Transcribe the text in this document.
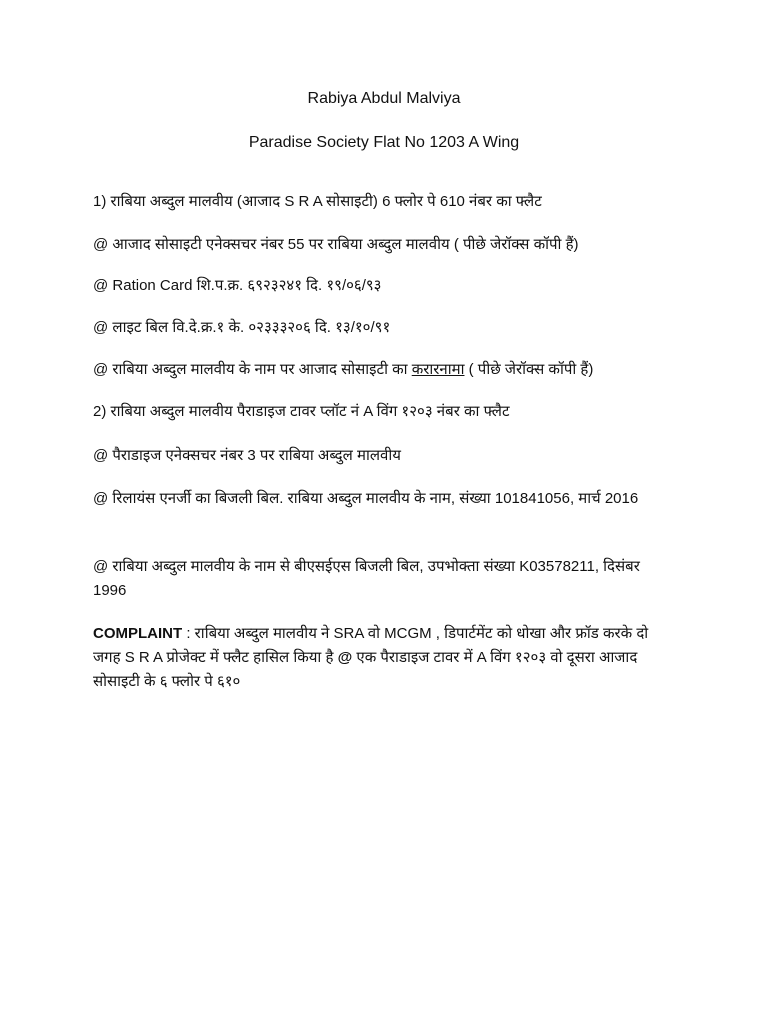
Rabiya Abdul Malviya
Paradise Society Flat No 1203 A Wing
1) राबिया अब्दुल मालवीय (आजाद S R A सोसाइटी) 6 फ्लोर पे 610 नंबर का फ्लैट
@ आजाद सोसाइटी एनेक्सचर नंबर 55 पर राबिया अब्दुल मालवीय ( पीछे जेरॉक्स कॉपी हैं)
@ Ration Card शि.प.क्र. ६९२३२४१ दि. १९/०६/९३
@ लाइट बिल वि.दे.क्र.१ के. ०२३३३२०६ दि. १३/१०/९१
@ राबिया अब्दुल मालवीय के नाम पर आजाद सोसाइटी का करारनामा ( पीछे जेरॉक्स कॉपी हैं)
2) राबिया अब्दुल मालवीय पैराडाइज टावर प्लॉट नं A विंग १२०३ नंबर का फ्लैट
@ पैराडाइज एनेक्सचर नंबर 3 पर राबिया अब्दुल मालवीय
@ रिलायंस एनर्जी का बिजली बिल. राबिया अब्दुल मालवीय के नाम, संख्या 101841056, मार्च 2016
@ राबिया अब्दुल मालवीय के नाम से बीएसईएस बिजली बिल, उपभोक्ता संख्या K03578211, दिसंबर 1996
COMPLAINT : राबिया अब्दुल मालवीय ने SRA वो MCGM , डिपार्टमेंट को धोखा और फ्रॉड करके दो जगह S R A प्रोजेक्ट में फ्लैट हासिल किया है @ एक पैराडाइज टावर में A विंग १२०३ वो दूसरा आजाद सोसाइटी के ६ फ्लोर पे ६१०
